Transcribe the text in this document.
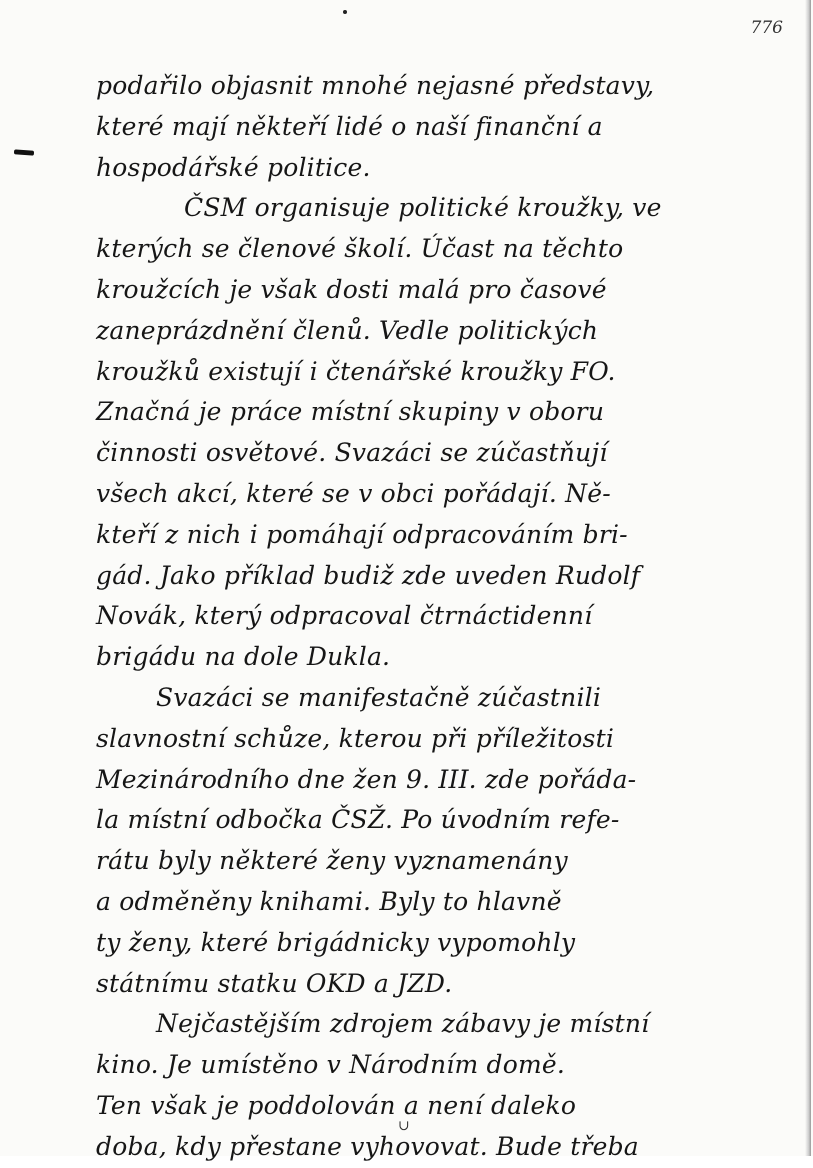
776
podařilo objasnit mnohé nejasné představy,
které mají někteří lidé o naší finanční a
hospodářské politice.
ČSM organisuje politické kroužky, ve
kterých se členové školí. Účast na těchto
kroužcích je však dosti malá pro časové
zaneprázdnění členů. Vedle politických
kroužků existují i čtenářské kroužky FO.
Značná je práce místní skupiny v oboru
činnosti osvětové. Svazáci se zúčastňují
všech akcí, které se v obci pořádají. Ně-
kteří z nich i pomáhají odpracováním bri-
gád. Jako příklad budiž zde uveden Rudolf
Novák, který odpracoval čtrnáctidenní
brigádu na dole Dukla.
Svazáci se manifestačně zúčastnili
slavnostní schůze, kterou při příležitosti
Mezinárodního dne žen 9. III. zde pořáda-
la místní odbočka ČSŽ. Po úvodním refe-
rátu byly některé ženy vyznamenány
a odměněny knihami. Byly to hlavně
ty ženy, které brigádnicky vypomohly
státnímu statku OKD a JZD.
Nejčastějším zdrojem zábavy je místní
kino. Je umístěno v Národním domě.
Ten však je poddolován a není daleko
doba, kdy přestane vyhovovat. Bude třeba
∪
